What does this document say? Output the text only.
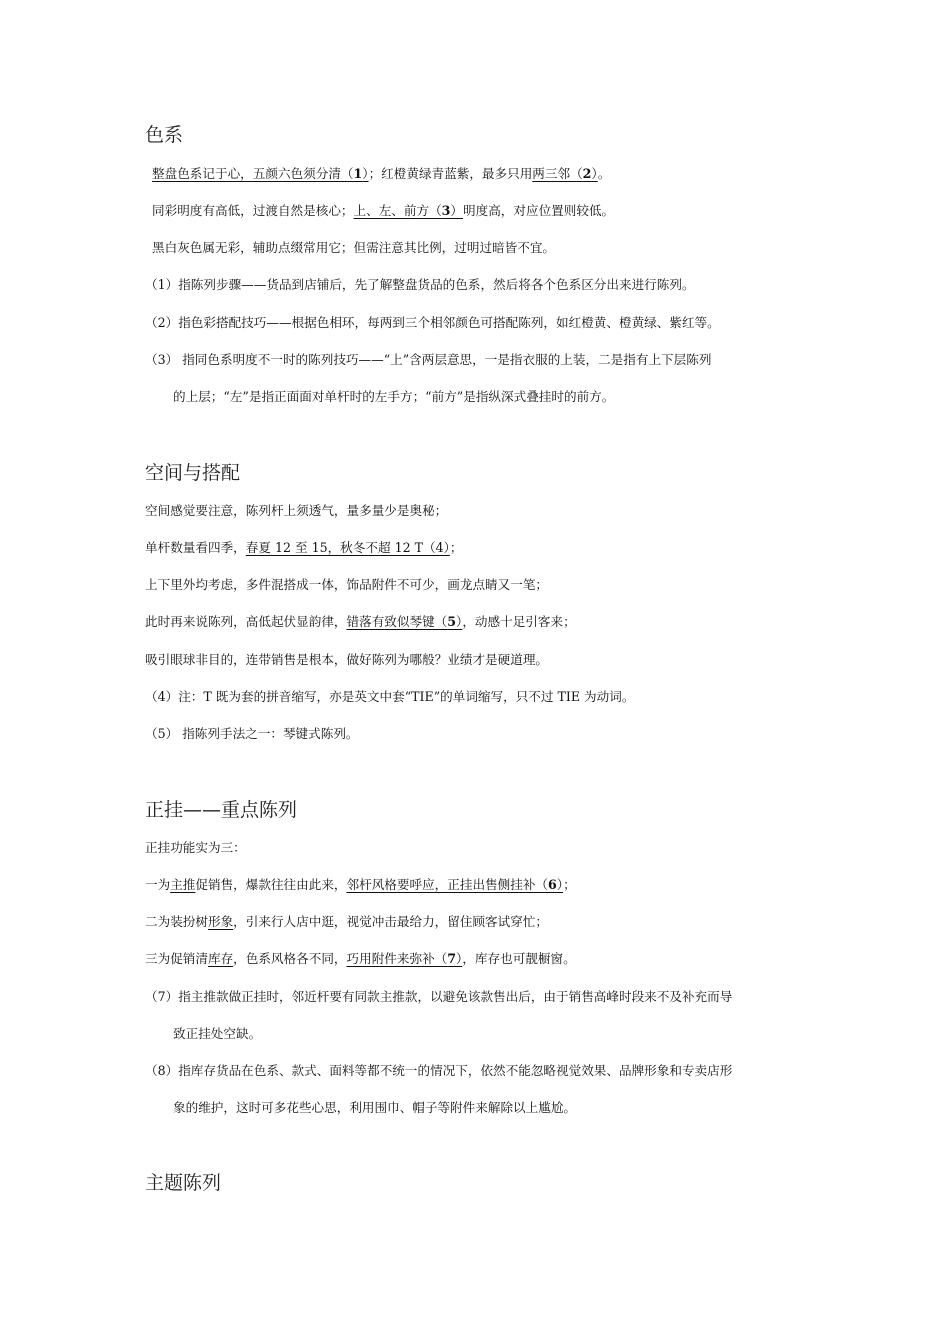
色系
整盘色系记于心，五颜六色须分清（1）；红橙黄绿青蓝紫，最多只用两三邻（2）。
同彩明度有高低，过渡自然是核心；上、左、前方（3）明度高，对应位置则较低。
黑白灰色属无彩，辅助点缀常用它；但需注意其比例，过明过暗皆不宜。
（1）指陈列步骤——货品到店铺后，先了解整盘货品的色系，然后将各个色系区分出来进行陈列。
（2）指色彩搭配技巧——根据色相环，每两到三个相邻颜色可搭配陈列，如红橙黄、橙黄绿、紫红等。
（3） 指同色系明度不一时的陈列技巧——“上”含两层意思，一是指衣服的上装，二是指有上下层陈列
的上层；“左”是指正面面对单杆时的左手方；“前方”是指纵深式叠挂时的前方。
空间与搭配
空间感觉要注意，陈列杆上须透气，量多量少是奥秘；
单杆数量看四季，春夏 12 至 15，秋冬不超 12 T（4）；
上下里外均考虑，多件混搭成一体，饰品附件不可少，画龙点睛又一笔；
此时再来说陈列，高低起伏显韵律，错落有致似琴键（5），动感十足引客来；
吸引眼球非目的，连带销售是根本，做好陈列为哪般？业绩才是硬道理。
（4）注：T 既为套的拼音缩写，亦是英文中套“TIE”的单词缩写，只不过 TIE 为动词。
（5） 指陈列手法之一：琴键式陈列。
正挂——重点陈列
正挂功能实为三：
一为主推促销售，爆款往往由此来，邻杆风格要呼应，正挂出售侧挂补（6）；
二为装扮树形象，引来行人店中逛，视觉冲击最给力，留住顾客试穿忙；
三为促销清库存，色系风格各不同，巧用附件来弥补（7），库存也可靓橱窗。
（7）指主推款做正挂时，邻近杆要有同款主推款，以避免该款售出后，由于销售高峰时段来不及补充而导
致正挂处空缺。
（8）指库存货品在色系、款式、面料等都不统一的情况下，依然不能忽略视觉效果、品牌形象和专卖店形
象的维护，这时可多花些心思，利用围巾、帽子等附件来解除以上尴尬。
主题陈列
